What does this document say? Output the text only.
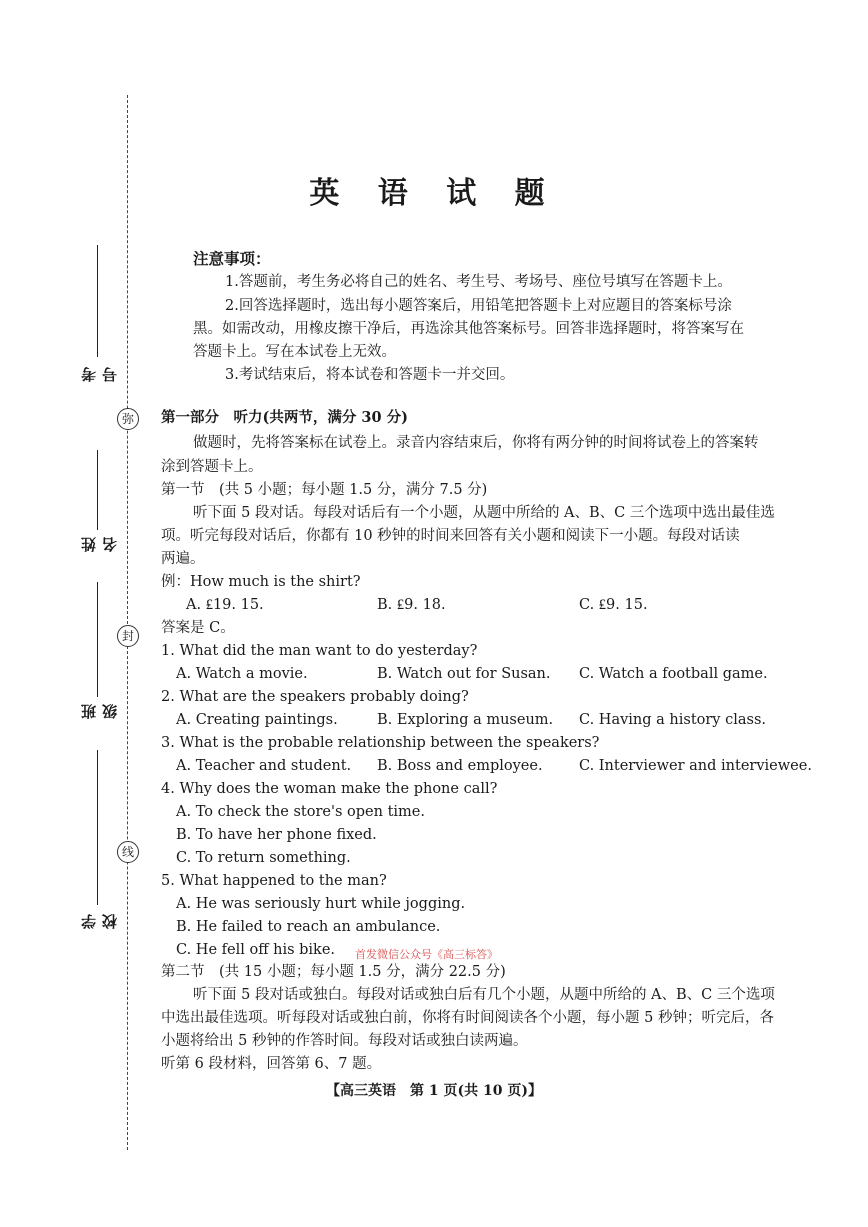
弥
封
线
考号
姓名
班级
学校
英 语 试 题
注意事项：
1.答题前，考生务必将自己的姓名、考生号、考场号、座位号填写在答题卡上。
2.回答选择题时，选出每小题答案后，用铅笔把答题卡上对应题目的答案标号涂
黑。如需改动，用橡皮擦干净后，再选涂其他答案标号。回答非选择题时，将答案写在
答题卡上。写在本试卷上无效。
3.考试结束后，将本试卷和答题卡一并交回。
第一部分　听力(共两节，满分 30 分)
做题时，先将答案标在试卷上。录音内容结束后，你将有两分钟的时间将试卷上的答案转
涂到答题卡上。
第一节　(共 5 小题；每小题 1.5 分，满分 7.5 分)
听下面 5 段对话。每段对话后有一个小题，从题中所给的 A、B、C 三个选项中选出最佳选
项。听完每段对话后，你都有 10 秒钟的时间来回答有关小题和阅读下一小题。每段对话读
两遍。
例：How much is the shirt?
A. ₤19. 15.	B. ₤9. 18.	C. ₤9. 15.
答案是 C。
1. What did the man want to do yesterday?
A. Watch a movie.	B. Watch out for Susan. C. Watch a football game.
2. What are the speakers probably doing?
A. Creating paintings.	B. Exploring a museum. C. Having a history class.
3. What is the probable relationship between the speakers?
A. Teacher and student. B. Boss and employee.	C. Interviewer and interviewee.
4. Why does the woman make the phone call?
A. To check the store's open time.
B. To have her phone fixed.
C. To return something.
5. What happened to the man?
A. He was seriously hurt while jogging.
B. He failed to reach an ambulance.
C. He fell off his bike. 首发微信公众号《高三标答》
第二节　(共 15 小题；每小题 1.5 分，满分 22.5 分)
听下面 5 段对话或独白。每段对话或独白后有几个小题，从题中所给的 A、B、C 三个选项
中选出最佳选项。听每段对话或独白前，你将有时间阅读各个小题，每小题 5 秒钟；听完后，各
小题将给出 5 秒钟的作答时间。每段对话或独白读两遍。
听第 6 段材料，回答第 6、7 题。
【高三英语　第 1 页(共 10 页)】
